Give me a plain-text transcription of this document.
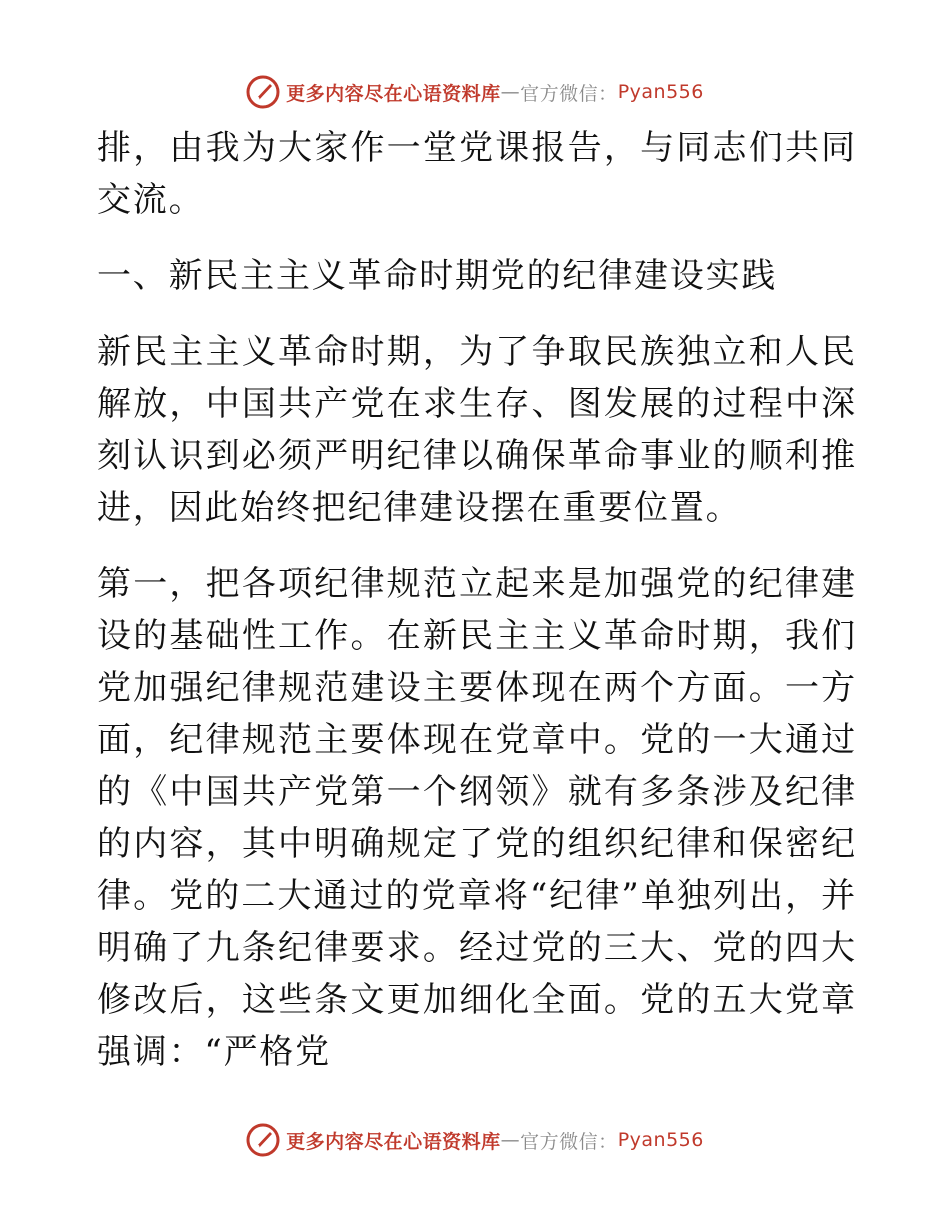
更多内容尽在心语资料库 — 官方微信： Pyan556

排，由我为大家作一堂党课报告，与同志们共同交流。

一、新民主主义革命时期党的纪律建设实践

新民主主义革命时期，为了争取民族独立和人民解放，中国共产党在求生存、图发展的过程中深刻认识到必须严明纪律以确保革命事业的顺利推进，因此始终把纪律建设摆在重要位置。

第一，把各项纪律规范立起来是加强党的纪律建设的基础性工作。在新民主主义革命时期，我们党加强纪律规范建设主要体现在两个方面。一方面，纪律规范主要体现在党章中。党的一大通过的《中国共产党第一个纲领》就有多条涉及纪律的内容，其中明确规定了党的组织纪律和保密纪律。党的二大通过的党章将“纪律”单独列出，并明确了九条纪律要求。经过党的三大、党的四大修改后，这些条文更加细化全面。党的五大党章强调：“严格党

更多内容尽在心语资料库 — 官方微信： Pyan556
